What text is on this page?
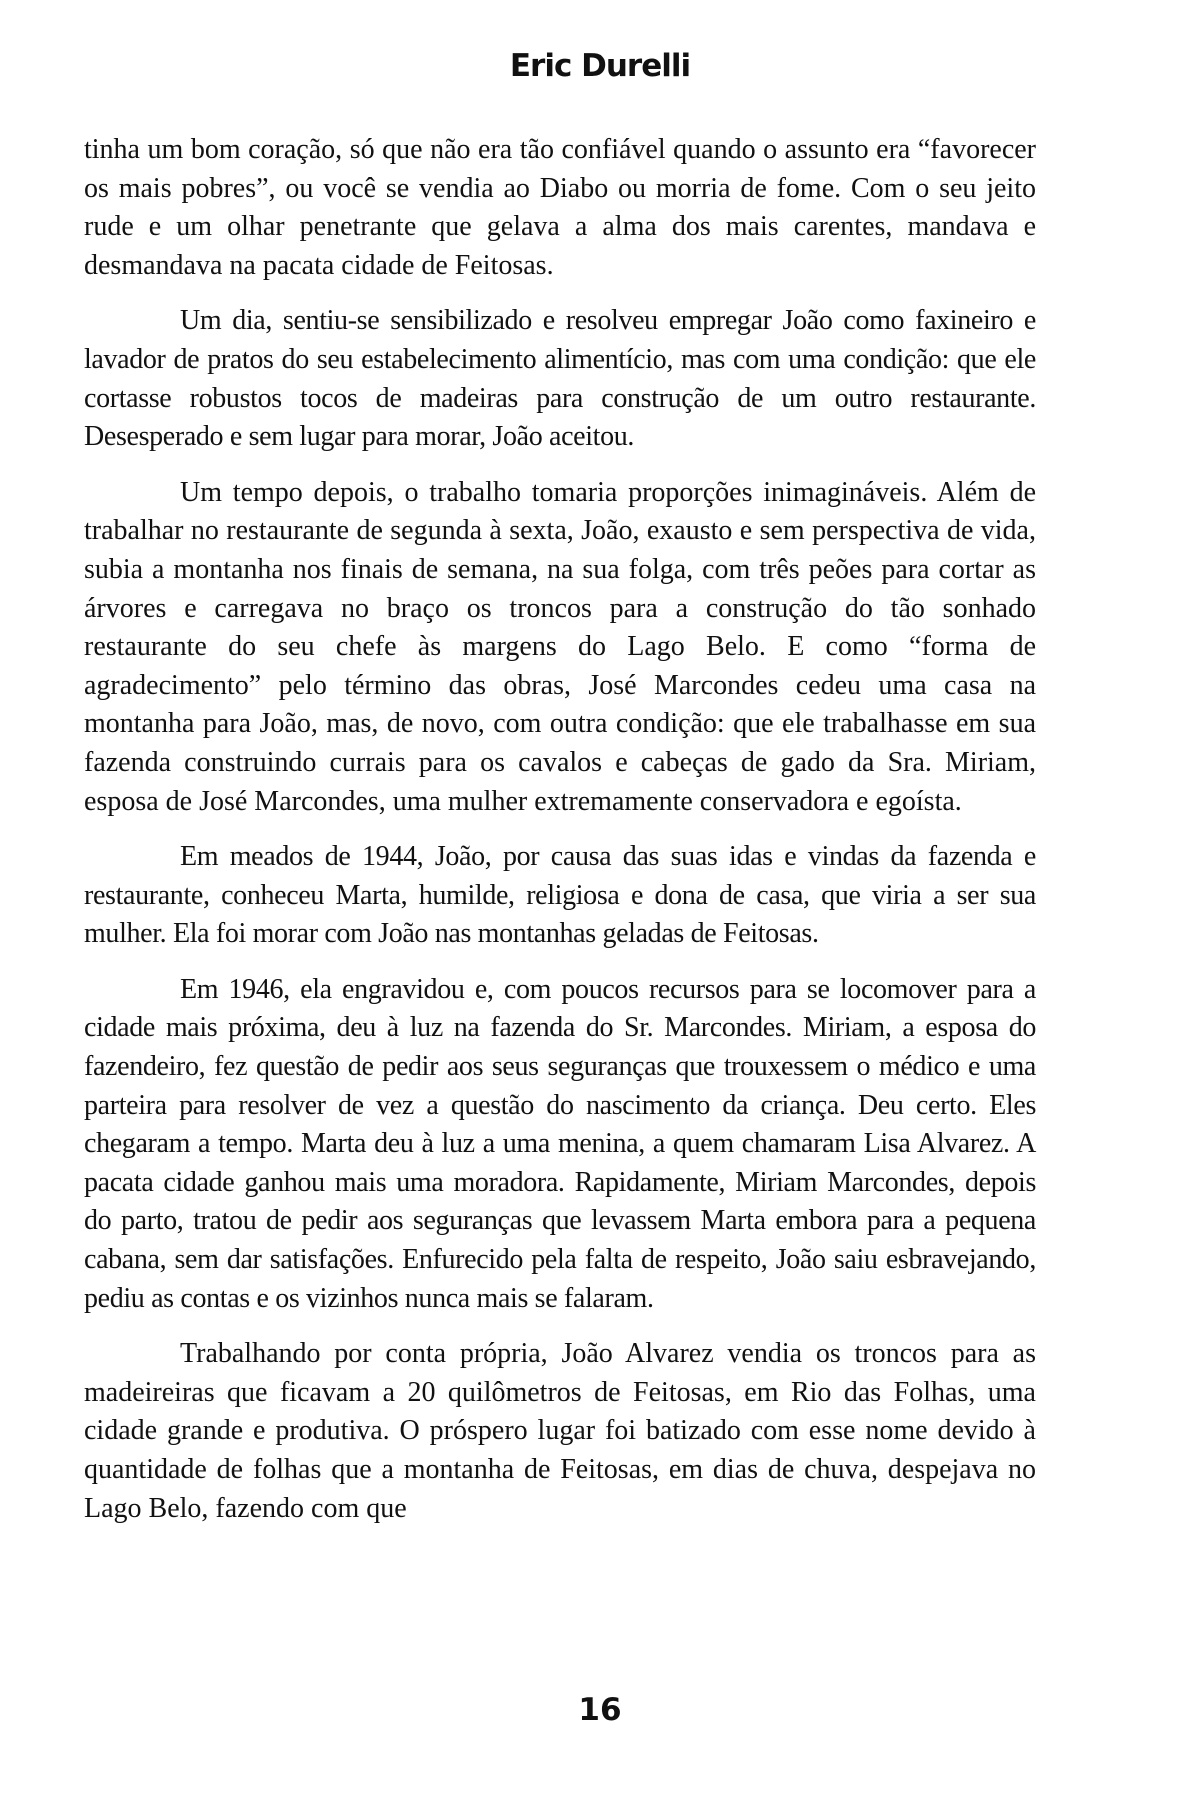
Eric Durelli

tinha um bom coração, só que não era tão confiável quando o assunto era “favorecer os mais pobres”, ou você se vendia ao Diabo ou morria de fome. Com o seu jeito rude e um olhar penetrante que gelava a alma dos mais carentes, mandava e desmandava na pacata cidade de Feitosas.

Um dia, sentiu-se sensibilizado e resolveu empregar João como faxineiro e lavador de pratos do seu estabelecimento alimentício, mas com uma condição: que ele cortasse robustos tocos de madeiras para construção de um outro restaurante. Desesperado e sem lugar para morar, João aceitou.

Um tempo depois, o trabalho tomaria proporções inimagináveis. Além de trabalhar no restaurante de segunda à sexta, João, exausto e sem perspectiva de vida, subia a montanha nos finais de semana, na sua folga, com três peões para cortar as árvores e carregava no braço os troncos para a construção do tão sonhado restaurante do seu chefe às margens do Lago Belo. E como “forma de agradecimento” pelo término das obras, José Marcondes cedeu uma casa na montanha para João, mas, de novo, com outra condição: que ele trabalhasse em sua fazenda construindo currais para os cavalos e cabeças de gado da Sra. Miriam, esposa de José Marcondes, uma mulher extremamente conservadora e egoísta.

Em meados de 1944, João, por causa das suas idas e vindas da fazenda e restaurante, conheceu Marta, humilde, religiosa e dona de casa, que viria a ser sua mulher. Ela foi morar com João nas montanhas geladas de Feitosas.

Em 1946, ela engravidou e, com poucos recursos para se locomover para a cidade mais próxima, deu à luz na fazenda do Sr. Marcondes. Miriam, a esposa do fazendeiro, fez questão de pedir aos seus seguranças que trouxessem o médico e uma parteira para resolver de vez a questão do nascimento da criança. Deu certo. Eles chegaram a tempo. Marta deu à luz a uma menina, a quem chamaram Lisa Alvarez. A pacata cidade ganhou mais uma moradora. Rapidamente, Miriam Marcondes, depois do parto, tratou de pedir aos seguranças que levassem Marta embora para a pequena cabana, sem dar satisfações. Enfurecido pela falta de respeito, João saiu esbravejando, pediu as contas e os vizinhos nunca mais se falaram.

Trabalhando por conta própria, João Alvarez vendia os troncos para as madeireiras que ficavam a 20 quilômetros de Feitosas, em Rio das Folhas, uma cidade grande e produtiva. O próspero lugar foi batizado com esse nome devido à quantidade de folhas que a montanha de Feitosas, em dias de chuva, despejava no Lago Belo, fazendo com que

16
